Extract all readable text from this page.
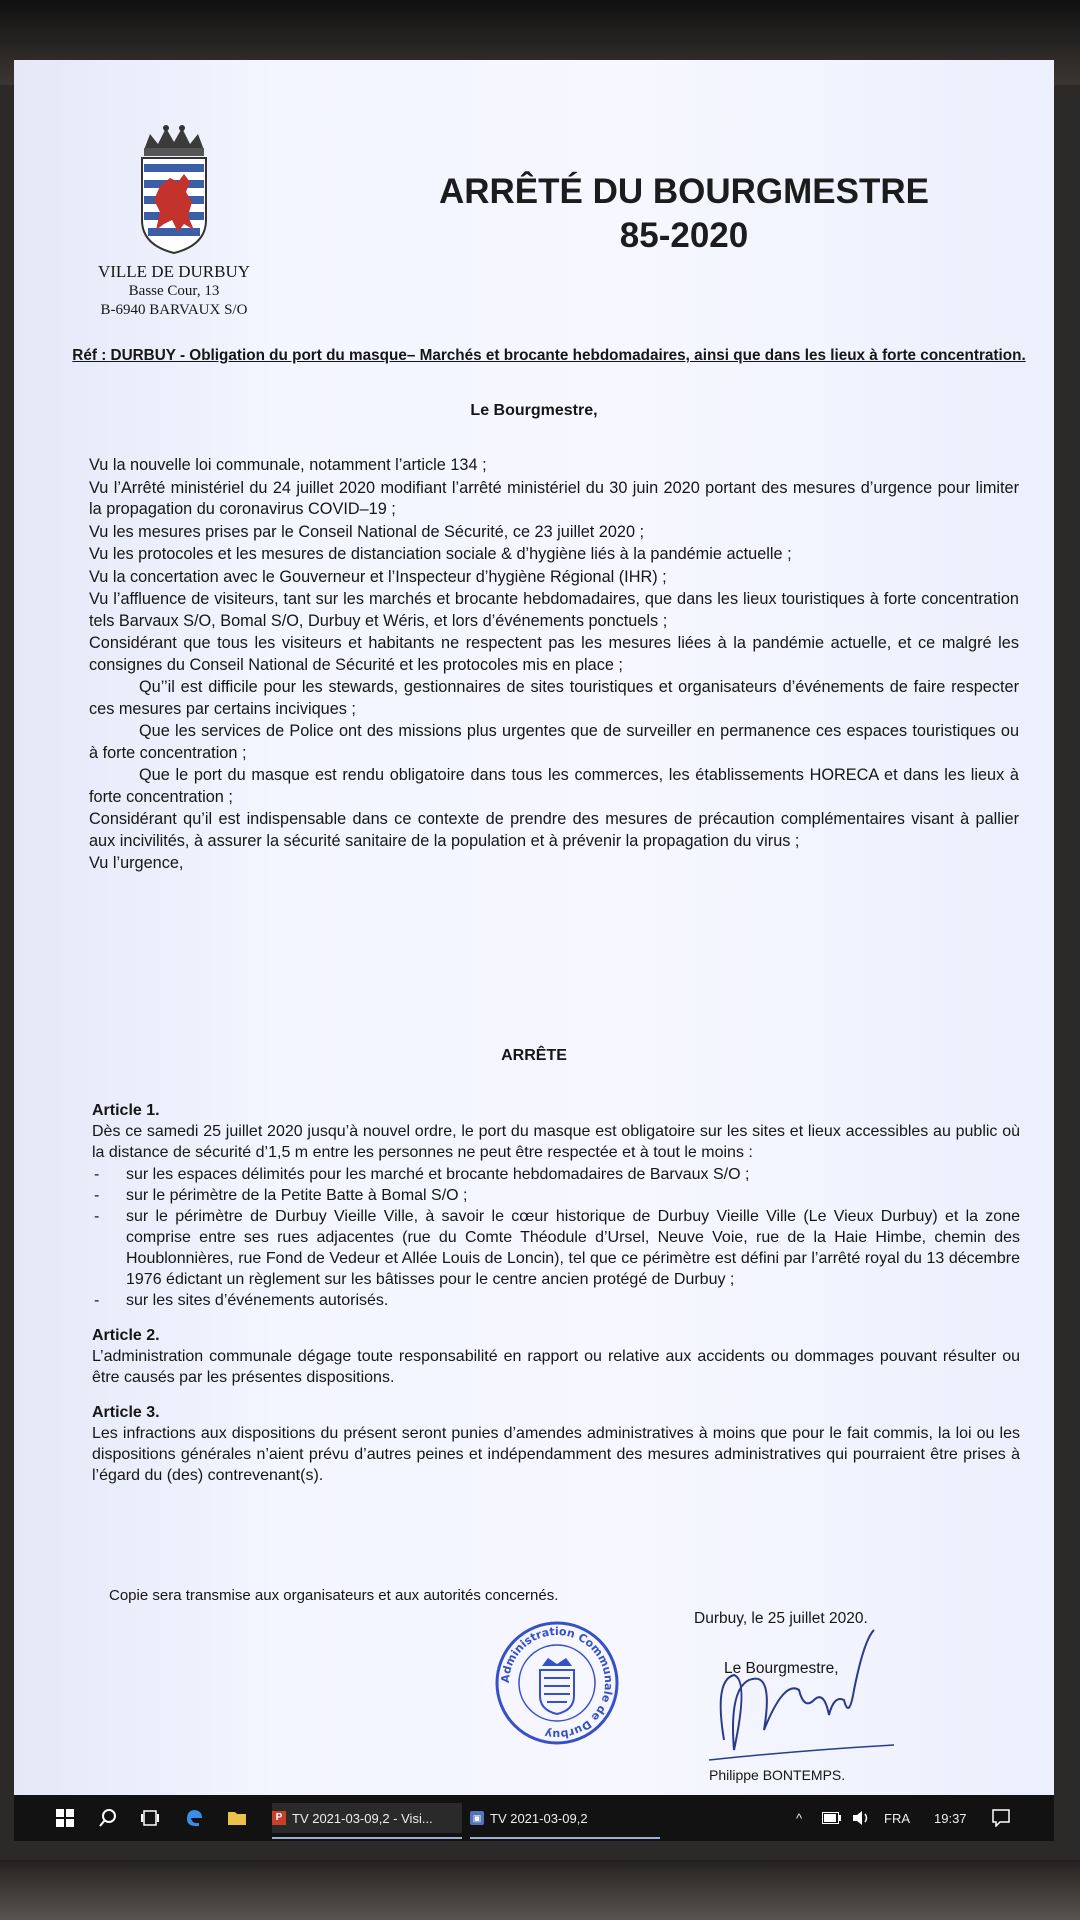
VILLE DE DURBUY
Basse Cour, 13
B-6940 BARVAUX S/O
ARRÊTÉ DU BOURGMESTRE
85-2020
Réf : DURBUY - Obligation du port du masque– Marchés et brocante hebdomadaires, ainsi que dans les lieux à forte concentration.
Le Bourgmestre,

Vu la nouvelle loi communale, notamment l’article 134 ;

Vu l’Arrêté ministériel du 24 juillet 2020 modifiant l’arrêté ministériel du 30 juin 2020 portant des mesures d’urgence pour limiter la propagation du coronavirus COVID–19 ;

Vu les mesures prises par le Conseil National de Sécurité, ce 23 juillet 2020 ;

Vu les protocoles et les mesures de distanciation sociale & d’hygiène liés à la pandémie actuelle ;

Vu la concertation avec le Gouverneur et l’Inspecteur d’hygiène Régional (IHR) ;

Vu l’affluence de visiteurs, tant sur les marchés et brocante hebdomadaires, que dans les lieux touristiques à forte concentration tels Barvaux S/O, Bomal S/O, Durbuy et Wéris, et lors d’événements ponctuels ;

Considérant que tous les visiteurs et habitants ne respectent pas les mesures liées à la pandémie actuelle, et ce malgré les consignes du Conseil National de Sécurité et les protocoles mis en place ;

Qu’’il est difficile pour les stewards, gestionnaires de sites touristiques et organisateurs d’événements de faire respecter ces mesures par certains inciviques ;

Que les services de Police ont des missions plus urgentes que de surveiller en permanence ces espaces touristiques ou à forte concentration ;

Que le port du masque est rendu obligatoire dans tous les commerces, les établissements HORECA et dans les lieux à forte concentration ;

Considérant qu’il est indispensable dans ce contexte de prendre des mesures de précaution complémentaires visant à pallier aux incivilités, à assurer la sécurité sanitaire de la population et à prévenir la propagation du virus ;

Vu l’urgence,

ARRÊTE

Article 1.

Dès ce samedi 25 juillet 2020 jusqu’à nouvel ordre, le port du masque est obligatoire sur les sites et lieux accessibles au public où la distance de sécurité d’1,5 m entre les personnes ne peut être respectée et à tout le moins :

- sur les espaces délimités pour les marché et brocante hebdomadaires de Barvaux S/O ;
- sur le périmètre de la Petite Batte à Bomal S/O ;
- sur le périmètre de Durbuy Vieille Ville, à savoir le cœur historique de Durbuy Vieille Ville (Le Vieux Durbuy) et la zone comprise entre ses rues adjacentes (rue du Comte Théodule d’Ursel, Neuve Voie, rue de la Haie Himbe, chemin des Houblonnières, rue Fond de Vedeur et Allée Louis de Loncin), tel que ce périmètre est défini par l’arrêté royal du 13 décembre 1976 édictant un règlement sur les bâtisses pour le centre ancien protégé de Durbuy ;
- sur les sites d’événements autorisés.

Article 2.

L’administration communale dégage toute responsabilité en rapport ou relative aux accidents ou dommages pouvant résulter ou être causés par les présentes dispositions.

Article 3.

Les infractions aux dispositions du présent seront punies d’amendes administratives à moins que pour le fait commis, la loi ou les dispositions générales n’aient prévu d’autres peines et indépendamment des mesures administratives qui pourraient être prises à l’égard du (des) contrevenant(s).

Copie sera transmise aux organisateurs et aux autorités concernés.
Durbuy, le 25 juillet 2020.
Administration Communale de Durbuy
Le Bourgmestre,
Philippe BONTEMPS.
P TV 2021-03-09,2 - Visi...	▣ TV 2021-03-09,2	^	FRA 19:37
